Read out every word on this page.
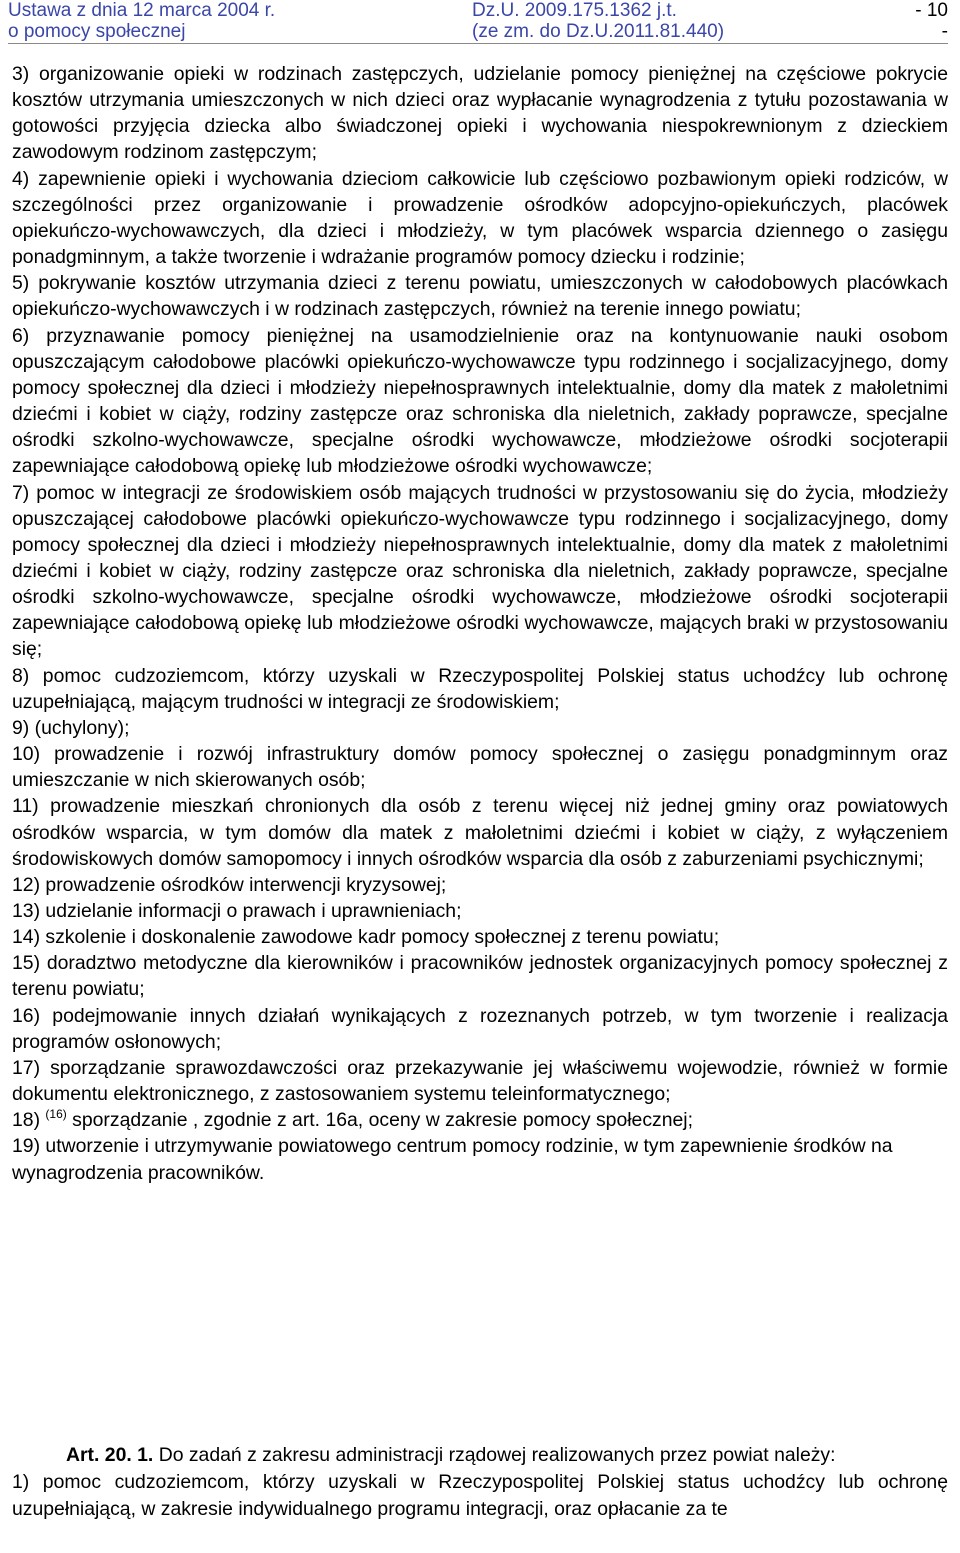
Ustawa z dnia 12 marca 2004 r.
o pomocy społecznej
Dz.U. 2009.175.1362 j.t.
(ze zm. do Dz.U.2011.81.440)
- 10
-

3) organizowanie opieki w rodzinach zastępczych, udzielanie pomocy pieniężnej na częściowe pokrycie kosztów utrzymania umieszczonych w nich dzieci oraz wypłacanie wynagrodzenia z tytułu pozostawania w gotowości przyjęcia dziecka albo świadczonej opieki i wychowania niespokrewnionym z dzieckiem zawodowym rodzinom zastępczym;

4) zapewnienie opieki i wychowania dzieciom całkowicie lub częściowo pozbawionym opieki rodziców, w szczególności przez organizowanie i prowadzenie ośrodków adopcyjno-opiekuńczych, placówek opiekuńczo-wychowawczych, dla dzieci i młodzieży, w tym placówek wsparcia dziennego o zasięgu ponadgminnym, a także tworzenie i wdrażanie programów pomocy dziecku i rodzinie;

5) pokrywanie kosztów utrzymania dzieci z terenu powiatu, umieszczonych w całodobowych placówkach opiekuńczo-wychowawczych i w rodzinach zastępczych, również na terenie innego powiatu;

6) przyznawanie pomocy pieniężnej na usamodzielnienie oraz na kontynuowanie nauki osobom opuszczającym całodobowe placówki opiekuńczo-wychowawcze typu rodzinnego i socjalizacyjnego, domy pomocy społecznej dla dzieci i młodzieży niepełnosprawnych intelektualnie, domy dla matek z małoletnimi dziećmi i kobiet w ciąży, rodziny zastępcze oraz schroniska dla nieletnich, zakłady poprawcze, specjalne ośrodki szkolno-wychowawcze, specjalne ośrodki wychowawcze, młodzieżowe ośrodki socjoterapii zapewniające całodobową opiekę lub młodzieżowe ośrodki wychowawcze;

7) pomoc w integracji ze środowiskiem osób mających trudności w przystosowaniu się do życia, młodzieży opuszczającej całodobowe placówki opiekuńczo-wychowawcze typu rodzinnego i socjalizacyjnego, domy pomocy społecznej dla dzieci i młodzieży niepełnosprawnych intelektualnie, domy dla matek z małoletnimi dziećmi i kobiet w ciąży, rodziny zastępcze oraz schroniska dla nieletnich, zakłady poprawcze, specjalne ośrodki szkolno-wychowawcze, specjalne ośrodki wychowawcze, młodzieżowe ośrodki socjoterapii zapewniające całodobową opiekę lub młodzieżowe ośrodki wychowawcze, mających braki w przystosowaniu się;

8) pomoc cudzoziemcom, którzy uzyskali w Rzeczypospolitej Polskiej status uchodźcy lub ochronę uzupełniającą, mającym trudności w integracji ze środowiskiem;

9) (uchylony);

10) prowadzenie i rozwój infrastruktury domów pomocy społecznej o zasięgu ponadgminnym oraz umieszczanie w nich skierowanych osób;

11) prowadzenie mieszkań chronionych dla osób z terenu więcej niż jednej gminy oraz powiatowych ośrodków wsparcia, w tym domów dla matek z małoletnimi dziećmi i kobiet w ciąży, z wyłączeniem środowiskowych domów samopomocy i innych ośrodków wsparcia dla osób z zaburzeniami psychicznymi;

12) prowadzenie ośrodków interwencji kryzysowej;

13) udzielanie informacji o prawach i uprawnieniach;

14) szkolenie i doskonalenie zawodowe kadr pomocy społecznej z terenu powiatu;

15) doradztwo metodyczne dla kierowników i pracowników jednostek organizacyjnych pomocy społecznej z terenu powiatu;

16) podejmowanie innych działań wynikających z rozeznanych potrzeb, w tym tworzenie i realizacja programów osłonowych;

17) sporządzanie sprawozdawczości oraz przekazywanie jej właściwemu wojewodzie, również w formie dokumentu elektronicznego, z zastosowaniem systemu teleinformatycznego;

18) $^{(16)}$ sporządzanie , zgodnie z art. 16a, oceny w zakresie pomocy społecznej;

19) utworzenie i utrzymywanie powiatowego centrum pomocy rodzinie, w tym zapewnienie środków na wynagrodzenia pracowników.

Art. 20. 1. Do zadań z zakresu administracji rządowej realizowanych przez powiat należy:

1) pomoc cudzoziemcom, którzy uzyskali w Rzeczypospolitej Polskiej status uchodźcy lub ochronę uzupełniającą, w zakresie indywidualnego programu integracji, oraz opłacanie za te
